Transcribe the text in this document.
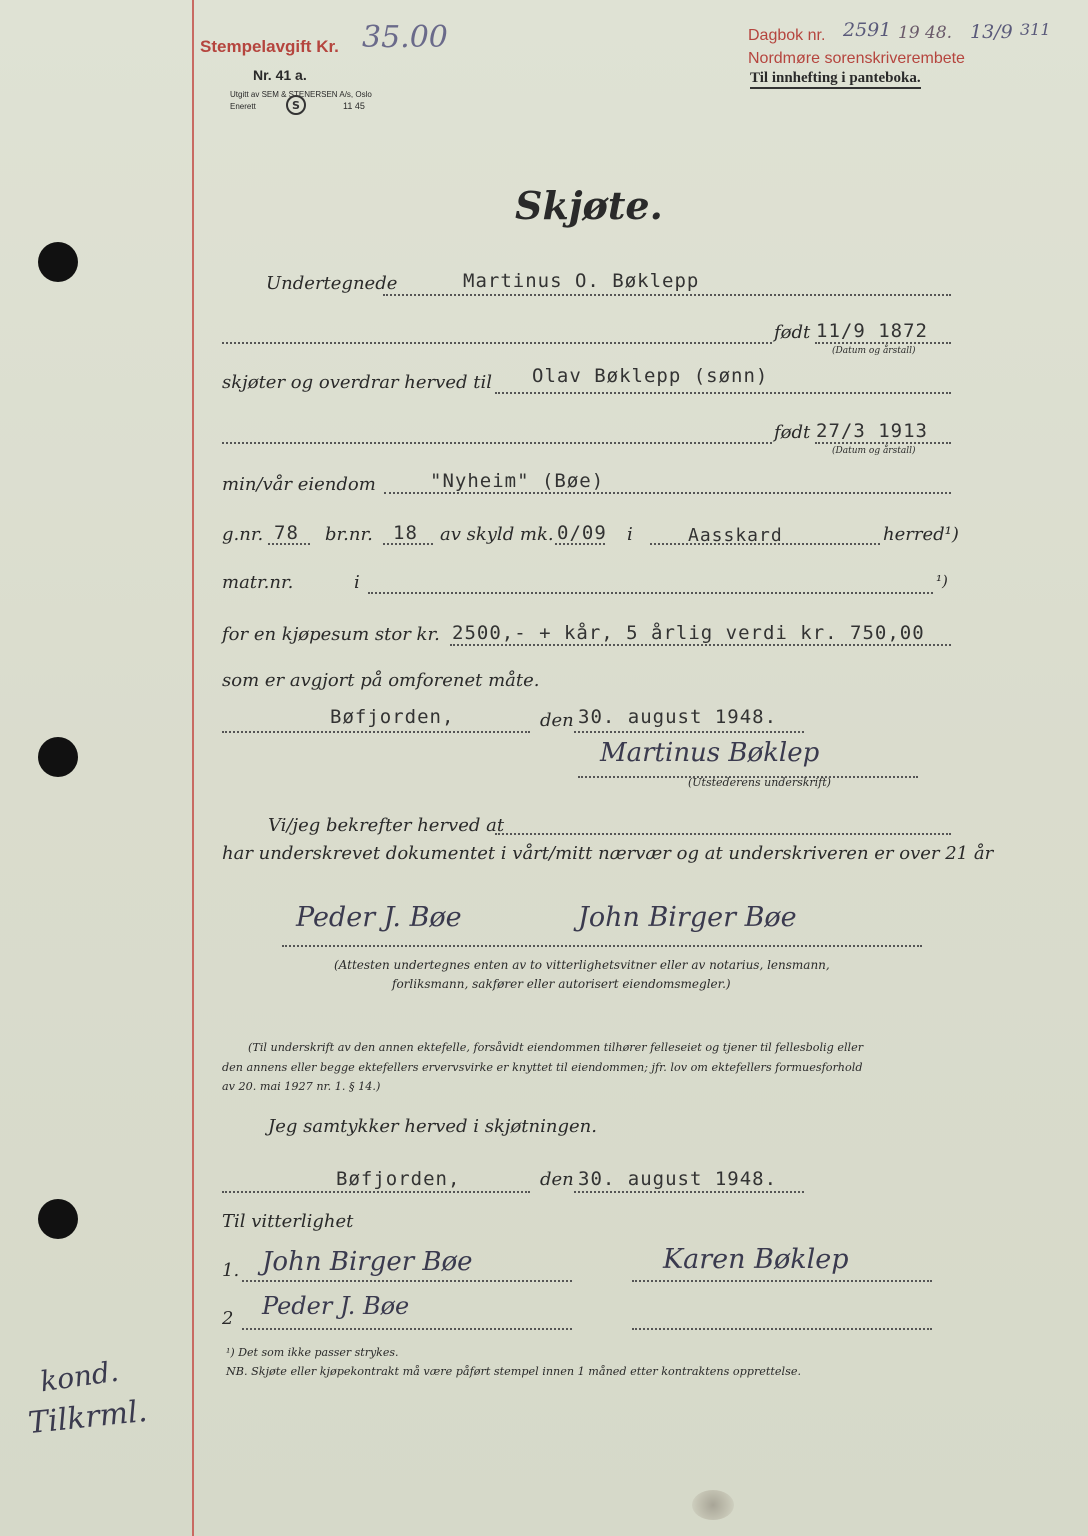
Stempelavgift Kr. 35.00
Nr. 41 a.
Utgitt av SEM & STENERSEN A/s, Oslo
Enerett	S	11 45
Dagbok nr. 2591 19 48. 13/9 311
Nordmøre sorenskriverembete
Til innhefting i panteboka.
Skjøte.
Undertegnede	Martinus O. Bøklepp
født 11/9 1872
(Datum og årstall)
skjøter og overdrar herved til Olav Bøklepp (sønn)
født 27/3 1913
(Datum og årstall)
min/vår eiendom	"Nyheim" (Bøe)
g.nr. 78 br.nr. 18 av skyld mk. 0/09 i	Aasskard	herred¹)
matr.nr.	i	¹)
for en kjøpesum stor kr. 2500,- + kår, 5 årlig verdi kr. 750,00
som er avgjort på omforenet måte.
Bøfjorden,	den 30. august 1948.
Martinus Bøklep
(Utstederens underskrift)
Vi/jeg bekrefter herved at
har underskrevet dokumentet i vårt/mitt nærvær og at underskriveren er over 21 år
Peder J. Bøe	John Birger Bøe
(Attesten undertegnes enten av to vitterlighetsvitner eller av notarius, lensmann,
forliksmann, sakfører eller autorisert eiendomsmegler.)
(Til underskrift av den annen ektefelle, forsåvidt eiendommen tilhører felleseiet og tjener til fellesbolig eller
den annens eller begge ektefellers ervervsvirke er knyttet til eiendommen; jfr. lov om ektefellers formuesforhold
av 20. mai 1927 nr. 1. § 14.)
Jeg samtykker herved i skjøtningen.
Bøfjorden,	den 30. august 1948.
Til vitterlighet
1. John Birger Bøe	Karen Bøklep
2 Peder J. Bøe
¹) Det som ikke passer strykes.
NB. Skjøte eller kjøpekontrakt må være påført stempel innen 1 måned etter kontraktens opprettelse.
kond.
Tilkrml.
